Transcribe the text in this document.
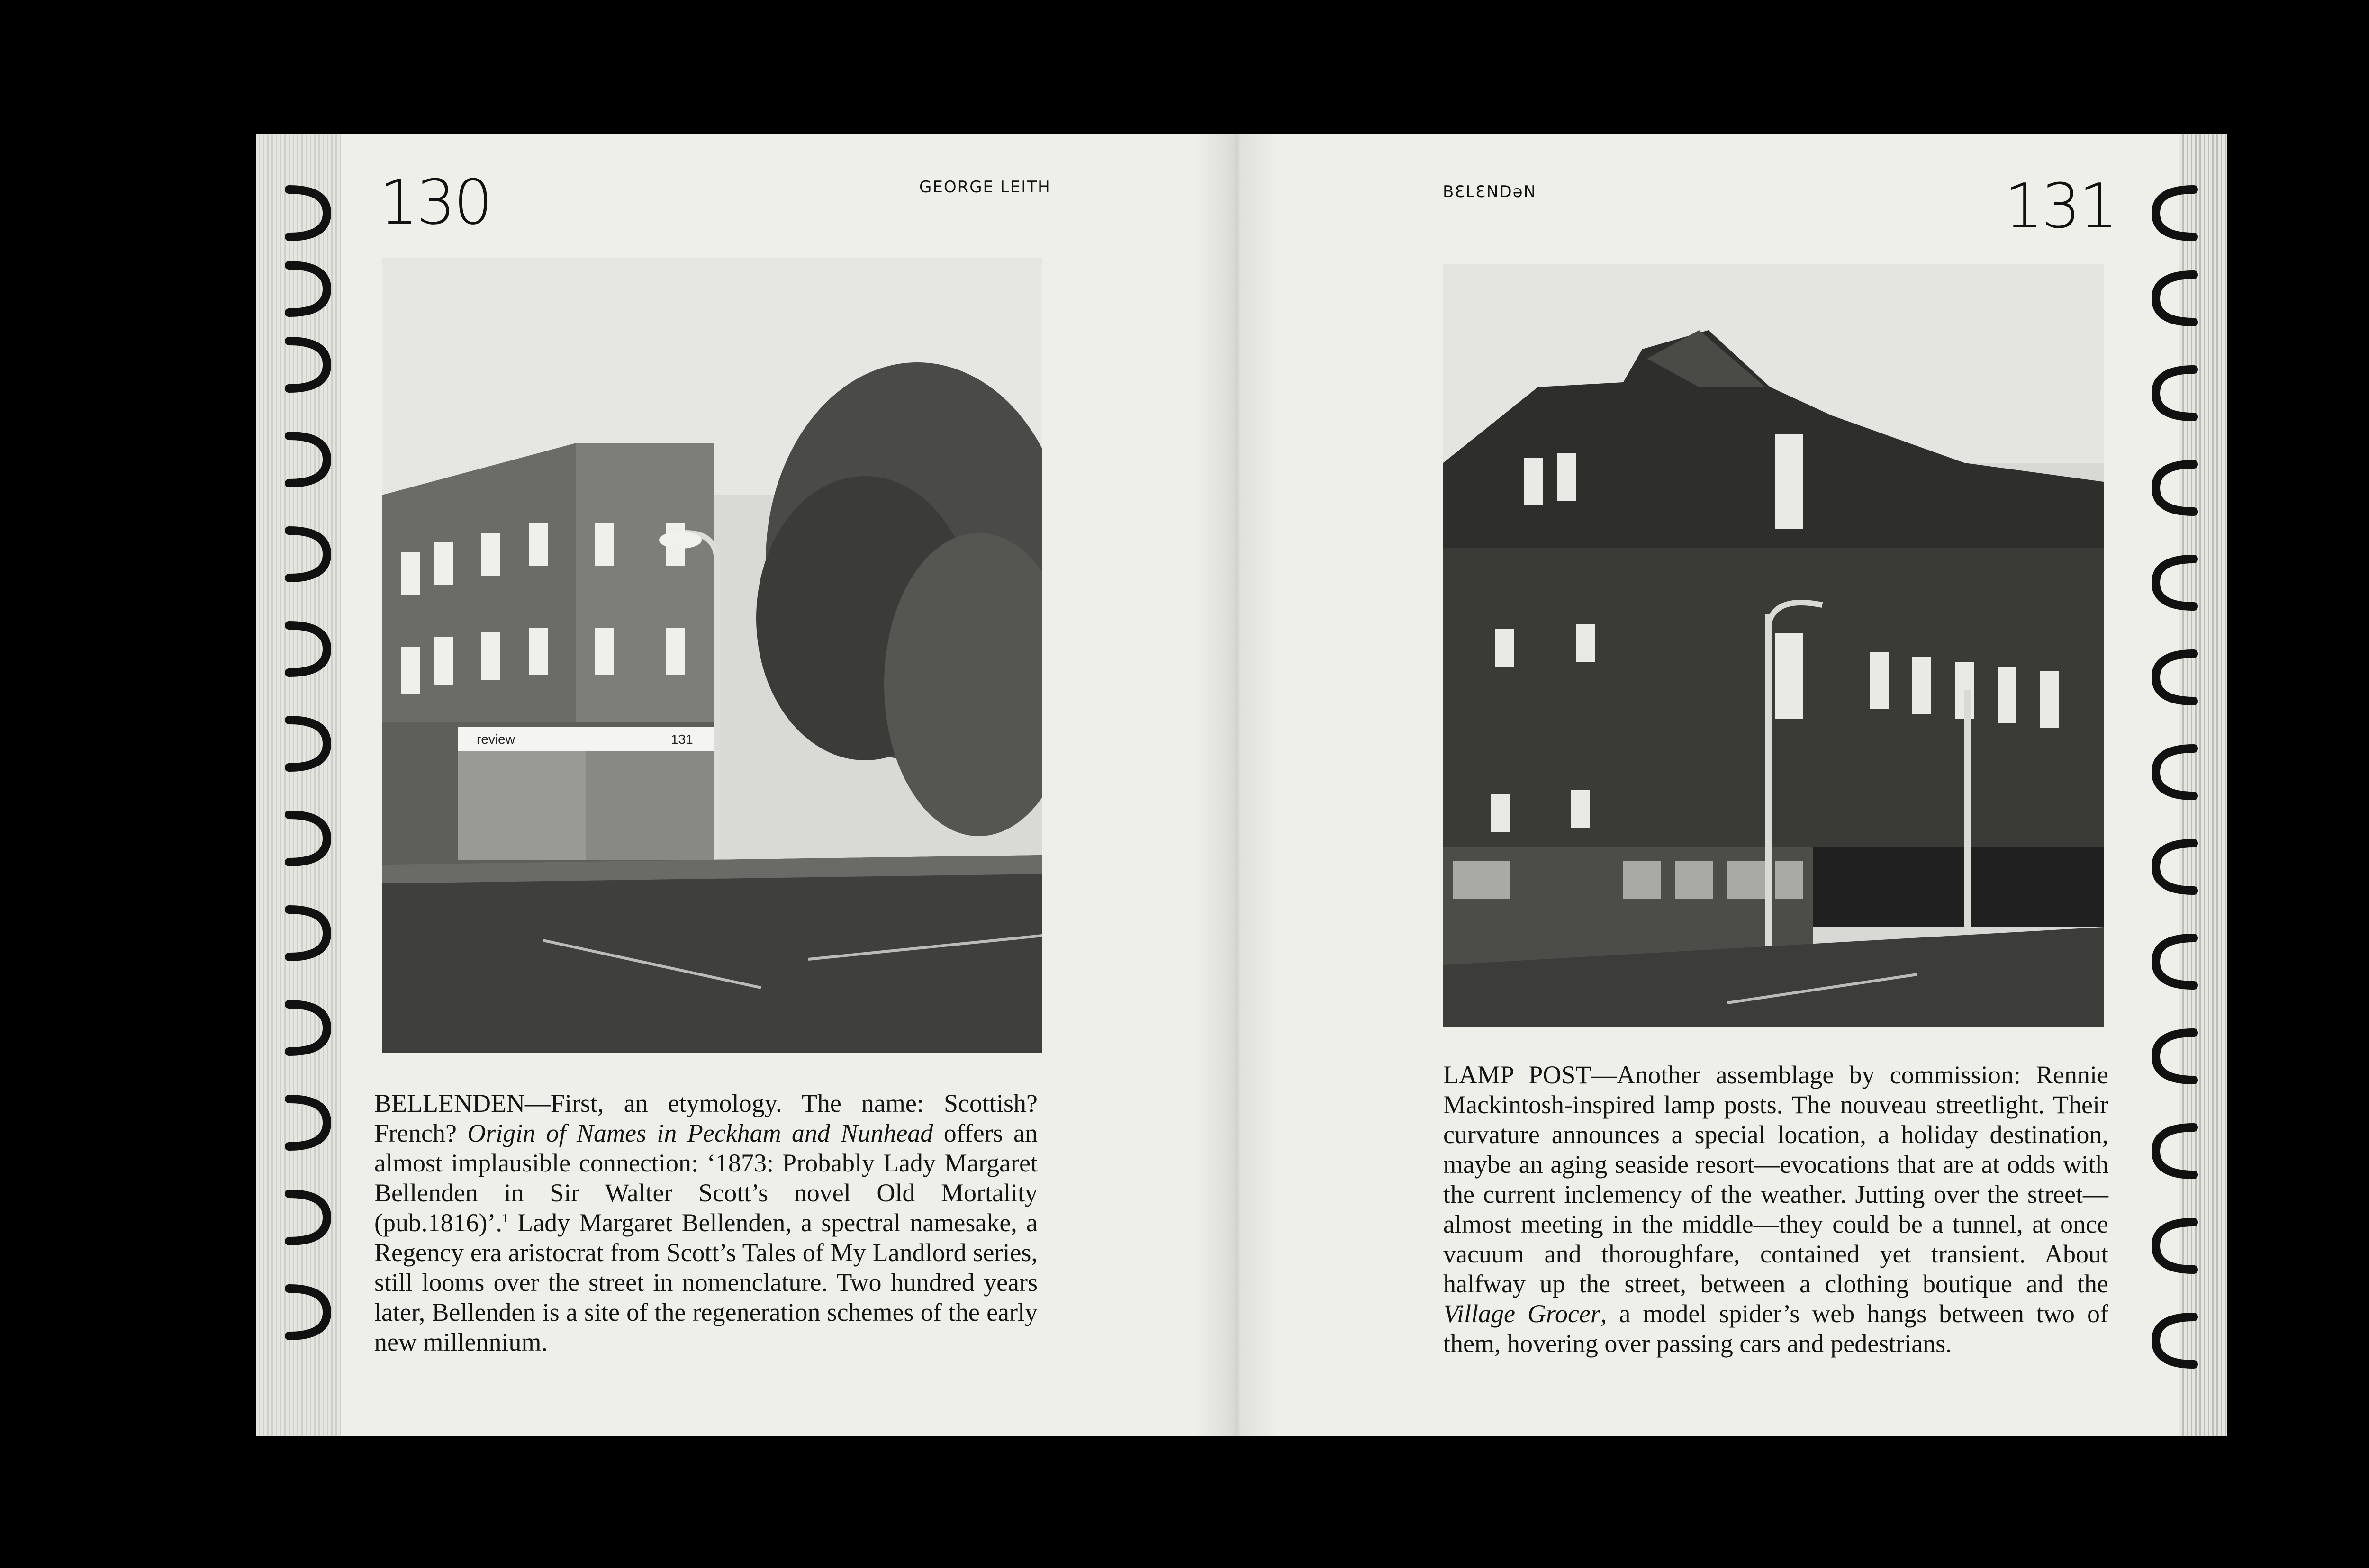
130	GEORGE LEITH	BƐLƐNDəN	131
review	131

BELLENDEN—First, an etymology. The name: Scottish? French? Origin of Names in Peckham and Nunhead offers an almost implausible connection: ‘1873: Probably Lady Margaret Bellenden in Sir Walter Scott’s novel Old Mortality (pub.1816)’.$^1$ Lady Margaret Bellenden, a spectral namesake, a Regency era aristocrat from Scott’s Tales of My Landlord series, still looms over the street in nomenclature. Two hundred years later, Bellenden is a site of the regeneration schemes of the early new millennium.

LAMP POST—Another assemblage by commission: Rennie Mackintosh-inspired lamp posts. The nouveau streetlight. Their curvature announces a special location, a holiday destination, maybe an aging seaside resort—evocations that are at odds with the current inclemency of the weather. Jutting over the street—almost meeting in the middle—they could be a tunnel, at once vacuum and thoroughfare, contained yet transient. About halfway up the street, between a clothing boutique and the Village Grocer, a model spider’s web hangs between two of them, hovering over passing cars and pedestrians.
